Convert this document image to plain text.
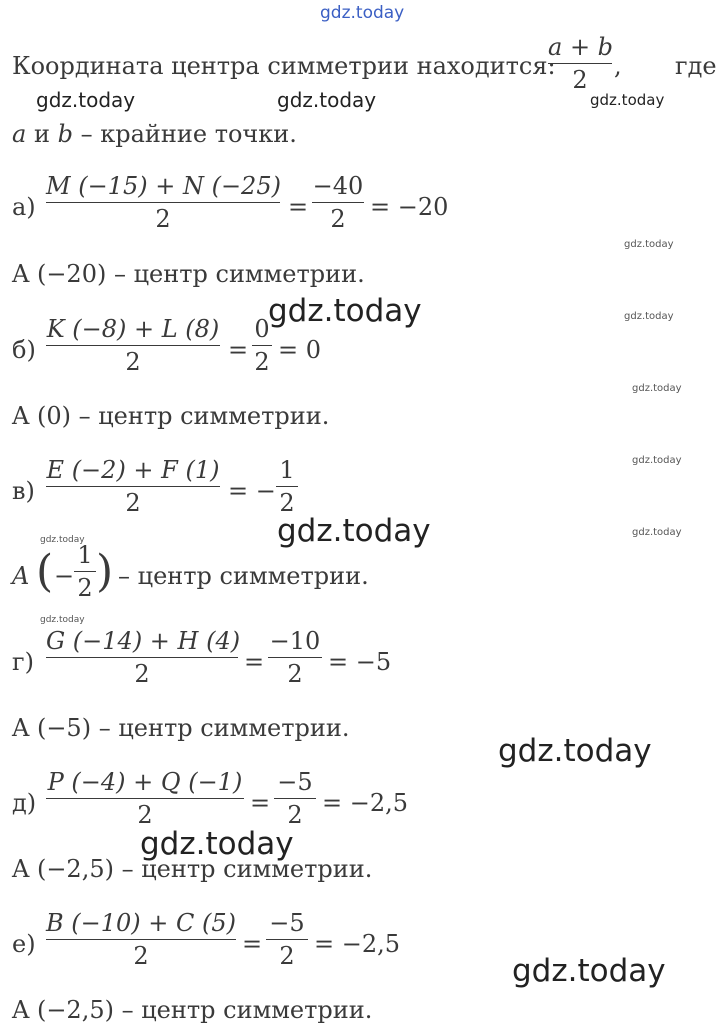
gdz.today
gdz.today	gdz.today	gdz.today
gdz.today
gdz.today
gdz.today
gdz.today
gdz.today
gdz.today
gdz.today
gdz.today
gdz.today
gdz.today
gdz.today
gdz.today
Координата центра симметрии находится:
a + b
2	, где
a и b – крайние точки.
а)
M (−15) + N (−25)
2	=
−40
2	= −20
A (−20) – центр симметрии.
б)
K (−8) + L (8)
2	=
0
2 = 0
A (0) – центр симметрии.
в)
E (−2) + F (1)
2	= −
1
2
A ( −
1
2 ) – центр симметрии.
г)
G (−14) + H (4)
2	=
−10
2	= −5
A (−5) – центр симметрии.
д)
P (−4) + Q (−1)
2	=
−5
2 = −2,5
A (−2,5) – центр симметрии.
е)
B (−10) + C (5)
2	=
−5
2 = −2,5
A (−2,5) – центр симметрии.
